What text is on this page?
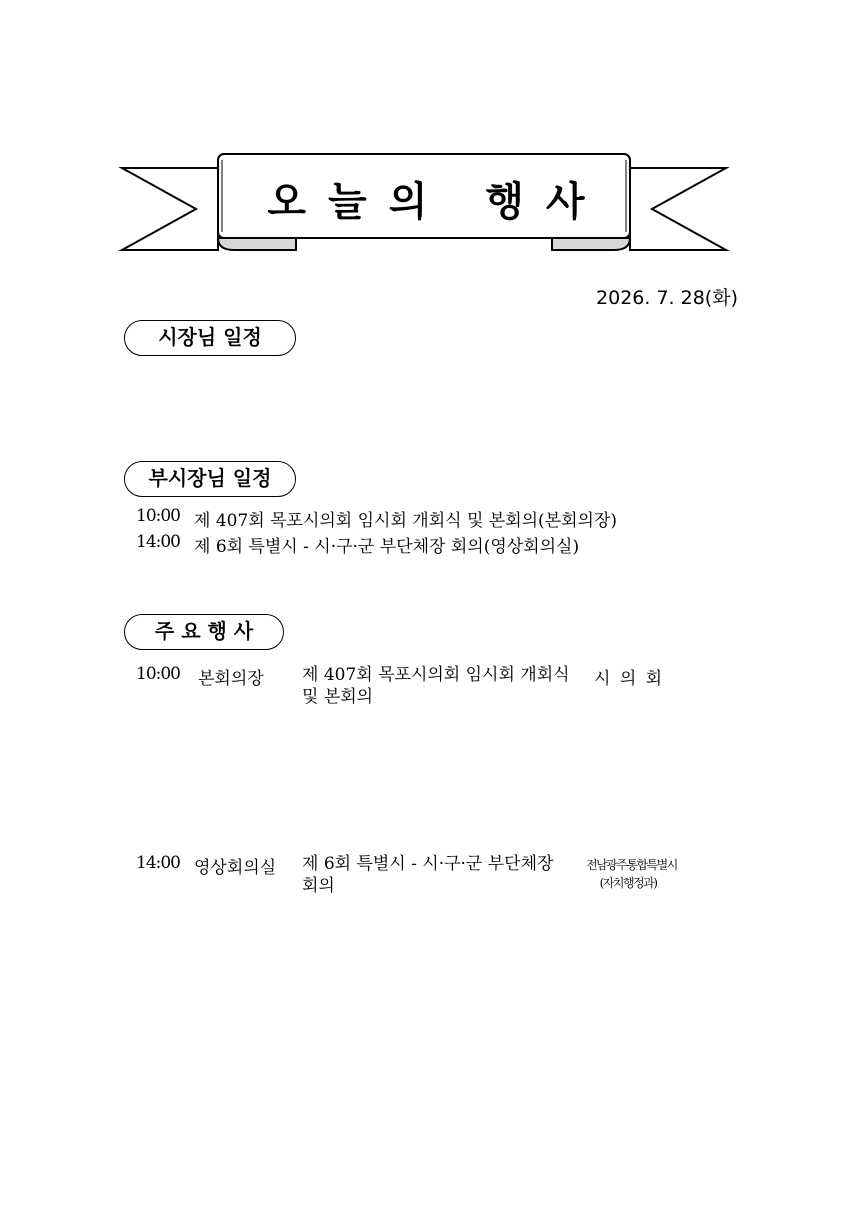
오늘의 행사
2026. 7. 28(화)
시장님 일정
부시장님 일정
10:00 제 407회 목포시의회 임시회 개회식 및 본회의(본회의장)
14:00 제 6회 특별시 - 시·구·군 부단체장 회의(영상회의실)
주 요 행 사
10:00 본회의장 제 407회 목포시의회 임시회 개회식 및 본회의
시 의 회
14:00 영상회의실 제 6회 특별시 - 시·구·군 부단체장 회의
전남광주통합특별시
(자치행정과)
